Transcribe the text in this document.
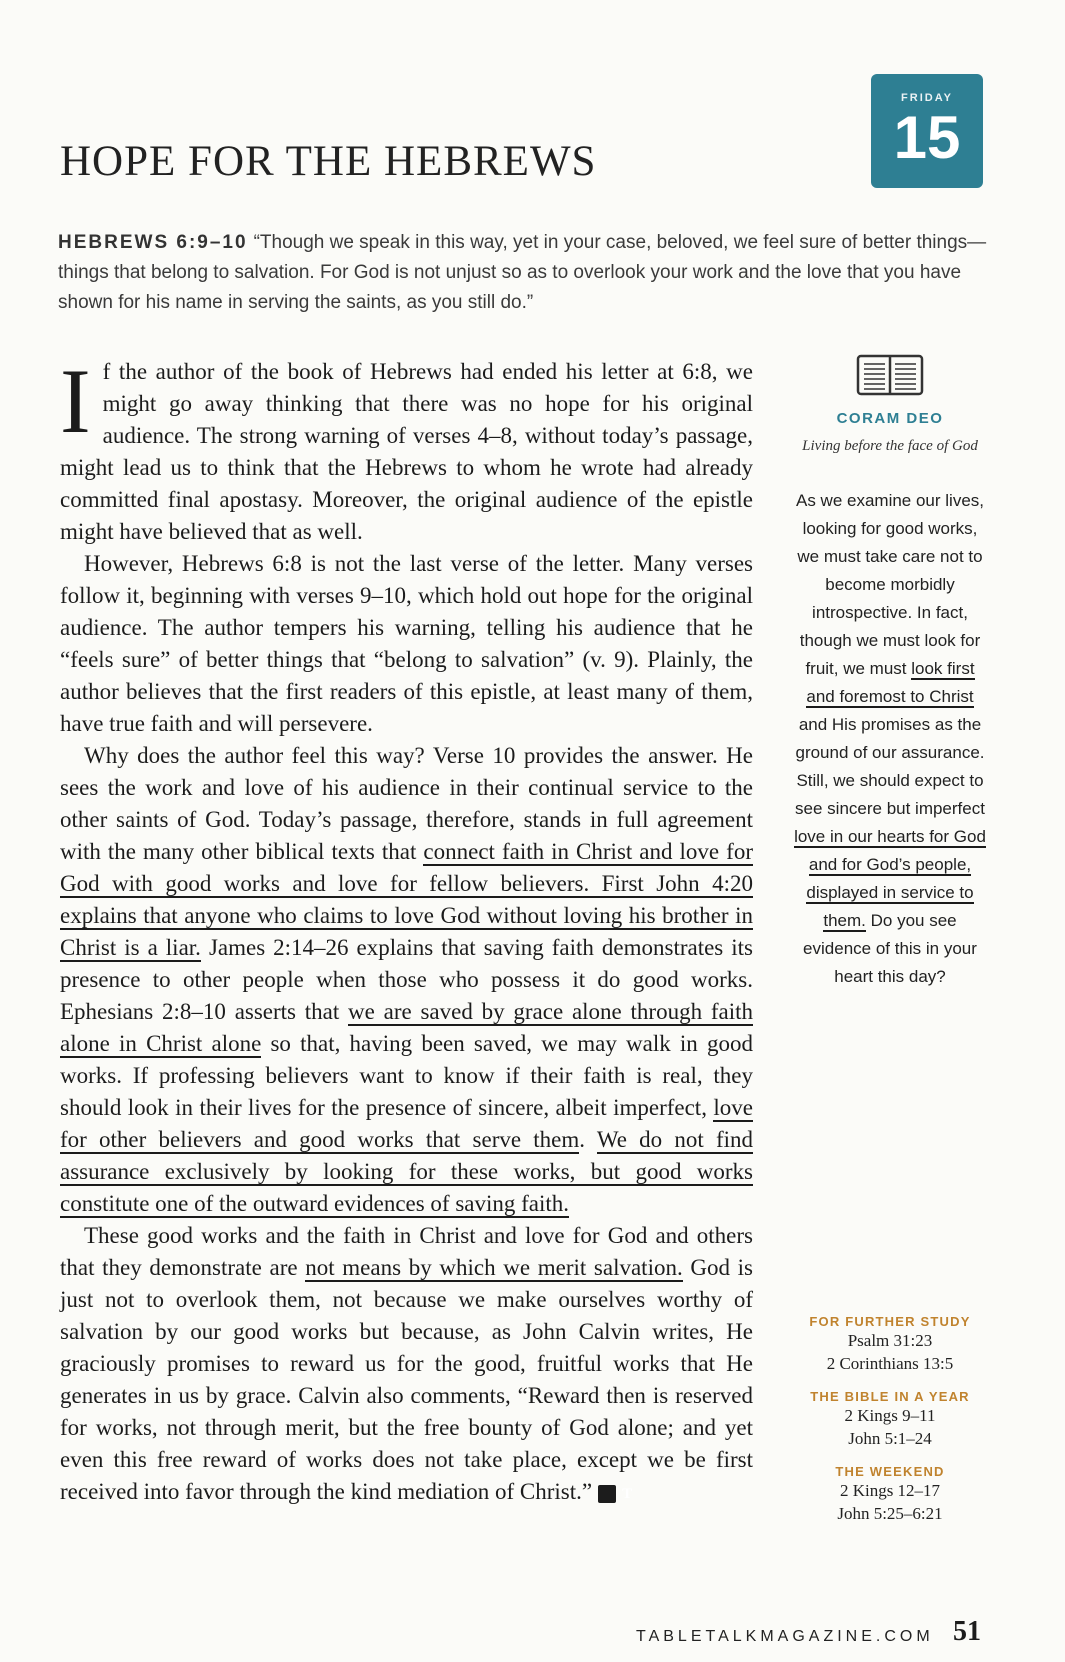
HOPE FOR THE HEBREWS
FRIDAY
15
HEBREWS 6:9–10 “Though we speak in this way, yet in your case, beloved, we feel sure of better things—things that belong to salvation. For God is not unjust so as to overlook your work and the love that you have shown for his name in serving the saints, as you still do.”

If the author of the book of Hebrews had ended his letter at 6:8, we might go away thinking that there was no hope for his original audience. The strong warning of verses 4–8, without today’s passage, might lead us to think that the Hebrews to whom he wrote had already committed final apostasy. Moreover, the original audience of the epistle might have believed that as well.

However, Hebrews 6:8 is not the last verse of the letter. Many verses follow it, beginning with verses 9–10, which hold out hope for the original audience. The author tempers his warning, telling his audience that he “feels sure” of better things that “belong to salvation” (v. 9). Plainly, the author believes that the first readers of this epistle, at least many of them, have true faith and will persevere.

Why does the author feel this way? Verse 10 provides the answer. He sees the work and love of his audience in their continual service to the other saints of God. Today’s passage, therefore, stands in full agreement with the many other biblical texts that connect faith in Christ and love for God with good works and love for fellow believers. First John 4:20 explains that anyone who claims to love God without loving his brother in Christ is a liar. James 2:14–26 explains that saving faith demonstrates its presence to other people when those who possess it do good works. Ephesians 2:8–10 asserts that we are saved by grace alone through faith alone in Christ alone so that, having been saved, we may walk in good works. If professing believers want to know if their faith is real, they should look in their lives for the presence of sincere, albeit imperfect, love for other believers and good works that serve them. We do not find assurance exclusively by looking for these works, but good works constitute one of the outward evidences of saving faith.

These good works and the faith in Christ and love for God and others that they demonstrate are not means by which we merit salvation. God is just not to overlook them, not because we make ourselves worthy of salvation by our good works but because, as John Calvin writes, He graciously promises to reward us for the good, fruitful works that He generates in us by grace. Calvin also comments, “Reward then is reserved for works, not through merit, but the free bounty of God alone; and yet even this free reward of works does not take place, except we be first received into favor through the kind mediation of Christ.” T

CORAM DEO
Living before the face of God
As we examine our lives, looking for good works, we must take care not to become morbidly introspective. In fact, though we must look for fruit, we must look first and foremost to Christ and His promises as the ground of our assurance. Still, we should expect to see sincere but imperfect love in our hearts for God and for God’s people, displayed in service to them. Do you see evidence of this in your heart this day?
FOR FURTHER STUDY
Psalm 31:23
2 Corinthians 13:5
THE BIBLE IN A YEAR
2 Kings 9–11
John 5:1–24
THE WEEKEND
2 Kings 12–17
John 5:25–6:21
TABLETALKMAGAZINE.COM 51
